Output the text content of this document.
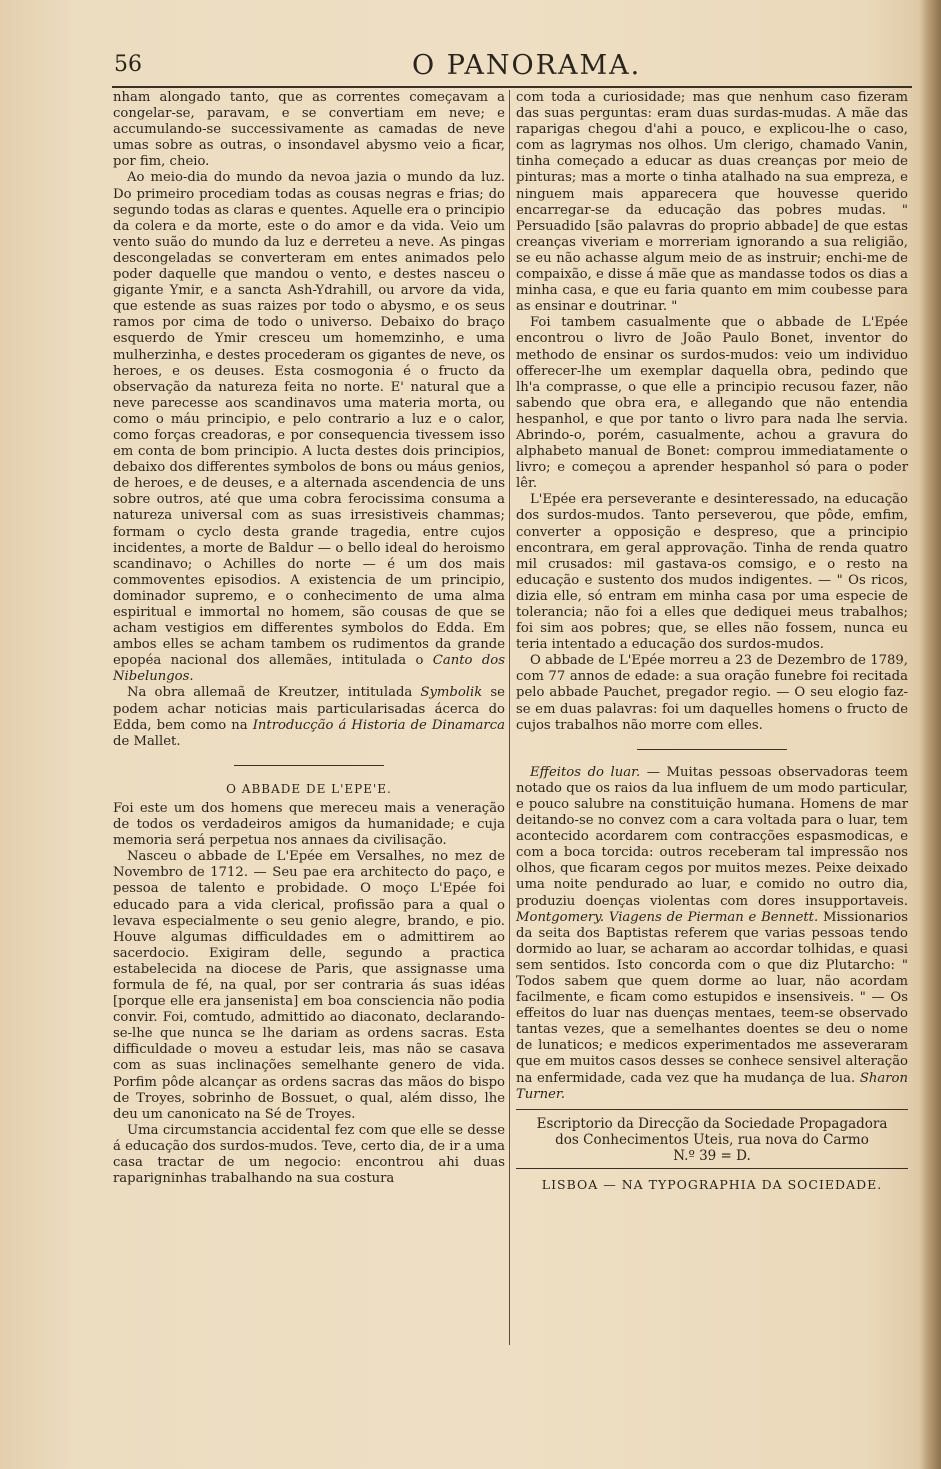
56	O PANORAMA.

nham alongado tanto, que as correntes começavam a congelar-se, paravam, e se convertiam em neve; e accumulando-se successivamente as camadas de neve umas sobre as outras, o insondavel abysmo veio a ficar, por fim, cheio.

Ao meio-dia do mundo da nevoa jazia o mundo da luz. Do primeiro procediam todas as cousas negras e frias; do segundo todas as claras e quentes. Aquelle era o principio da colera e da morte, este o do amor e da vida. Veio um vento suão do mundo da luz e derreteu a neve. As pingas descongeladas se converteram em entes animados pelo poder daquelle que mandou o vento, e destes nasceu o gigante Ymir, e a sancta Ash-Ydrahill, ou arvore da vida, que estende as suas raizes por todo o abysmo, e os seus ramos por cima de todo o universo. Debaixo do braço esquerdo de Ymir cresceu um homemzinho, e uma mulherzinha, e destes procederam os gigantes de neve, os heroes, e os deuses. Esta cosmogonia é o fructo da observação da natureza feita no norte. E' natural que a neve parecesse aos scandinavos uma materia morta, ou como o máu principio, e pelo contrario a luz e o calor, como forças creadoras, e por consequencia tivessem isso em conta de bom principio. A lucta destes dois principios, debaixo dos differentes symbolos de bons ou máus genios, de heroes, e de deuses, e a alternada ascendencia de uns sobre outros, até que uma cobra ferocissima consuma a natureza universal com as suas irresistiveis chammas; formam o cyclo desta grande tragedia, entre cujos incidentes, a morte de Baldur — o bello ideal do heroismo scandinavo; o Achilles do norte — é um dos mais commoventes episodios. A existencia de um principio, dominador supremo, e o conhecimento de uma alma espiritual e immortal no homem, são cousas de que se acham vestigios em differentes symbolos do Edda. Em ambos elles se acham tambem os rudimentos da grande epopéa nacional dos allemães, intitulada o Canto dos Nibelungos.

Na obra allemaã de Kreutzer, intitulada Symbolik se podem achar noticias mais particularisadas ácerca do Edda, bem como na Introducção á Historia de Dinamarca de Mallet.

O ABBADE DE L'EPE'E.

Foi este um dos homens que mereceu mais a veneração de todos os verdadeiros amigos da humanidade; e cuja memoria será perpetua nos annaes da civilisação.

Nasceu o abbade de L'Epée em Versalhes, no mez de Novembro de 1712. — Seu pae era architecto do paço, e pessoa de talento e probidade. O moço L'Epée foi educado para a vida clerical, profissão para a qual o levava especialmente o seu genio alegre, brando, e pio. Houve algumas difficuldades em o admittirem ao sacerdocio. Exigiram delle, segundo a practica estabelecida na diocese de Paris, que assignasse uma formula de fé, na qual, por ser contraria ás suas idéas [porque elle era jansenista] em boa consciencia não podia convir. Foi, comtudo, admittido ao diaconato, declarando-se-lhe que nunca se lhe dariam as ordens sacras. Esta difficuldade o moveu a estudar leis, mas não se casava com as suas inclinações semelhante genero de vida. Porfim pôde alcançar as ordens sacras das mãos do bispo de Troyes, sobrinho de Bossuet, o qual, além disso, lhe deu um canonicato na Sé de Troyes.

Uma circumstancia accidental fez com que elle se desse á educação dos surdos-mudos. Teve, certo dia, de ir a uma casa tractar de um negocio: encontrou ahi duas raparigninhas trabalhando na sua costura

com toda a curiosidade; mas que nenhum caso fizeram das suas perguntas: eram duas surdas-mudas. A mãe das raparigas chegou d'ahi a pouco, e explicou-lhe o caso, com as lagrymas nos olhos. Um clerigo, chamado Vanin, tinha começado a educar as duas creanças por meio de pinturas; mas a morte o tinha atalhado na sua empreza, e ninguem mais apparecera que houvesse querido encarregar-se da educação das pobres mudas. " Persuadido [são palavras do proprio abbade] de que estas creanças viveriam e morreriam ignorando a sua religião, se eu não achasse algum meio de as instruir; enchi-me de compaixão, e disse á mãe que as mandasse todos os dias a minha casa, e que eu faria quanto em mim coubesse para as ensinar e doutrinar. "

Foi tambem casualmente que o abbade de L'Epée encontrou o livro de João Paulo Bonet, inventor do methodo de ensinar os surdos-mudos: veio um individuo offerecer-lhe um exemplar daquella obra, pedindo que lh'a comprasse, o que elle a principio recusou fazer, não sabendo que obra era, e allegando que não entendia hespanhol, e que por tanto o livro para nada lhe servia. Abrindo-o, porém, casualmente, achou a gravura do alphabeto manual de Bonet: comprou immediatamente o livro; e começou a aprender hespanhol só para o poder lêr.

L'Epée era perseverante e desinteressado, na educação dos surdos-mudos. Tanto perseverou, que pôde, emfim, converter a opposição e despreso, que a principio encontrara, em geral approvação. Tinha de renda quatro mil crusados: mil gastava-os comsigo, e o resto na educação e sustento dos mudos indigentes. — " Os ricos, dizia elle, só entram em minha casa por uma especie de tolerancia; não foi a elles que dediquei meus trabalhos; foi sim aos pobres; que, se elles não fossem, nunca eu teria intentado a educação dos surdos-mudos.

O abbade de L'Epée morreu a 23 de Dezembro de 1789, com 77 annos de edade: a sua oração funebre foi recitada pelo abbade Pauchet, pregador regio. — O seu elogio faz-se em duas palavras: foi um daquelles homens o fructo de cujos trabalhos não morre com elles.

Effeitos do luar. — Muitas pessoas observadoras teem notado que os raios da lua influem de um modo particular, e pouco salubre na constituição humana. Homens de mar deitando-se no convez com a cara voltada para o luar, tem acontecido acordarem com contracções espasmodicas, e com a boca torcida: outros receberam tal impressão nos olhos, que ficaram cegos por muitos mezes. Peixe deixado uma noite pendurado ao luar, e comido no outro dia, produziu doenças violentas com dores insupportaveis. Montgomery. Viagens de Pierman e Bennett. Missionarios da seita dos Baptistas referem que varias pessoas tendo dormido ao luar, se acharam ao accordar tolhidas, e quasi sem sentidos. Isto concorda com o que diz Plutarcho: " Todos sabem que quem dorme ao luar, não acordam facilmente, e ficam como estupidos e insensiveis. " — Os effeitos do luar nas duenças mentaes, teem-se observado tantas vezes, que a semelhantes doentes se deu o nome de lunaticos; e medicos experimentados me asseveraram que em muitos casos desses se conhece sensivel alteração na enfermidade, cada vez que ha mudança de lua. Sharon Turner.

Escriptorio da Direcção da Sociedade Propagadora
dos Conhecimentos Uteis, rua nova do Carmo
N.º 39 = D.
LISBOA — NA TYPOGRAPHIA DA SOCIEDADE.
